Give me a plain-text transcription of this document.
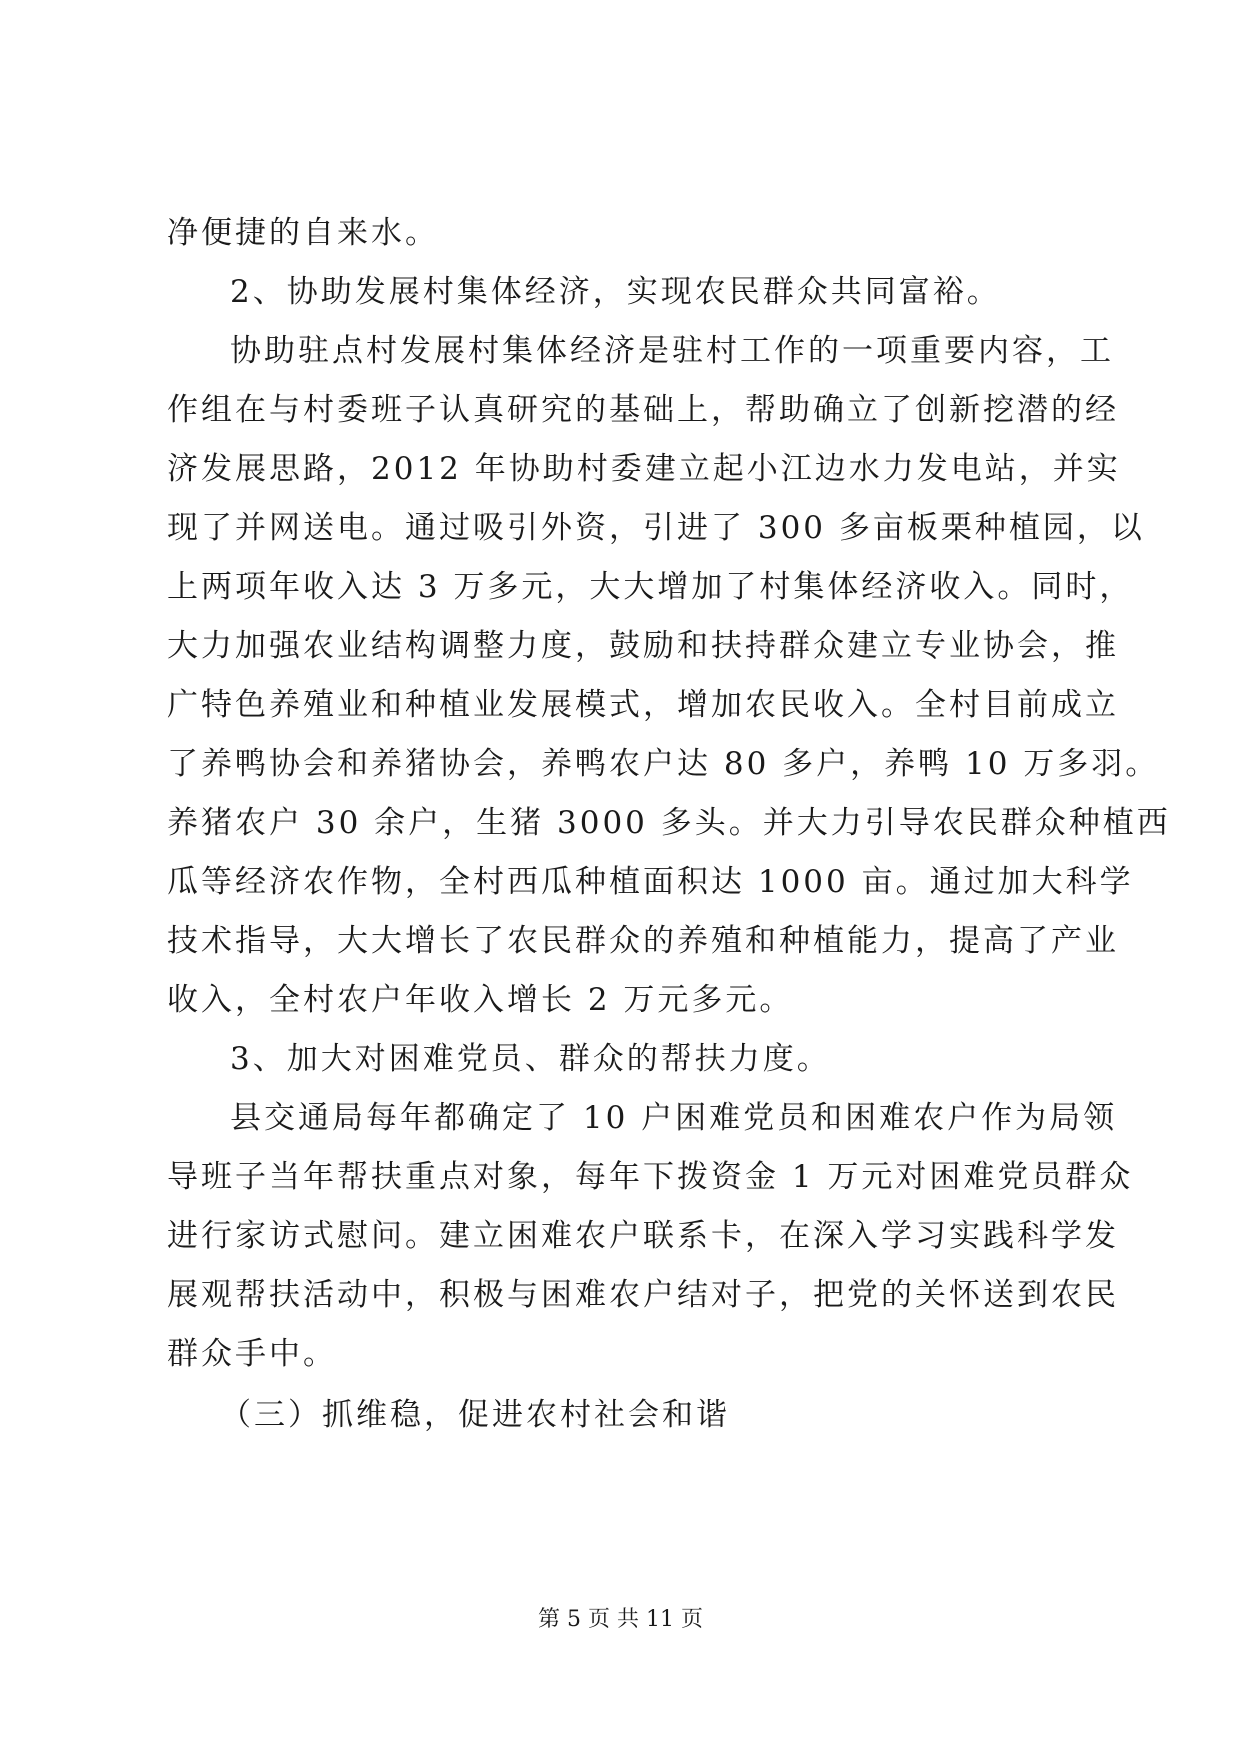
净便捷的自来水。

2、协助发展村集体经济，实现农民群众共同富裕。

协助驻点村发展村集体经济是驻村工作的一项重要内容，工

作组在与村委班子认真研究的基础上，帮助确立了创新挖潜的经

济发展思路，2012 年协助村委建立起小江边水力发电站，并实

现了并网送电。通过吸引外资，引进了 300 多亩板栗种植园，以

上两项年收入达 3 万多元，大大增加了村集体经济收入。同时，

大力加强农业结构调整力度，鼓励和扶持群众建立专业协会，推

广特色养殖业和种植业发展模式，增加农民收入。全村目前成立

了养鸭协会和养猪协会，养鸭农户达 80 多户，养鸭 10 万多羽。

养猪农户 30 余户，生猪 3000 多头。并大力引导农民群众种植西

瓜等经济农作物，全村西瓜种植面积达 1000 亩。通过加大科学

技术指导，大大增长了农民群众的养殖和种植能力，提高了产业

收入，全村农户年收入增长 2 万元多元。

3、加大对困难党员、群众的帮扶力度。

县交通局每年都确定了 10 户困难党员和困难农户作为局领

导班子当年帮扶重点对象，每年下拨资金 1 万元对困难党员群众

进行家访式慰问。建立困难农户联系卡，在深入学习实践科学发

展观帮扶活动中，积极与困难农户结对子，把党的关怀送到农民

群众手中。

（三）抓维稳，促进农村社会和谐

第 5 页 共 11 页
